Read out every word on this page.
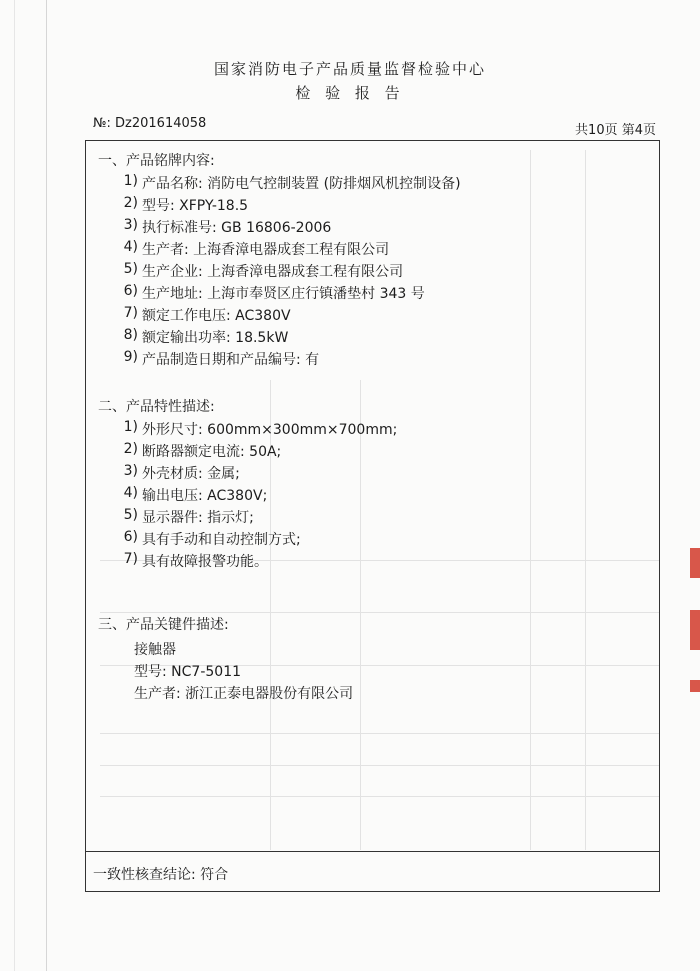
国家消防电子产品质量监督检验中心
检 验 报 告
№: Dz201614058	共10页 第4页
一、产品铭牌内容:
1) 产品名称: 消防电气控制装置 (防排烟风机控制设备)
2) 型号: XFPY-18.5
3) 执行标准号: GB 16806-2006
4) 生产者: 上海香漳电器成套工程有限公司
5) 生产企业: 上海香漳电器成套工程有限公司
6) 生产地址: 上海市奉贤区庄行镇潘垫村 343 号
7) 额定工作电压: AC380V
8) 额定输出功率: 18.5kW
9) 产品制造日期和产品编号: 有
二、产品特性描述:
1) 外形尺寸: 600mm×300mm×700mm;
2) 断路器额定电流: 50A;
3) 外壳材质: 金属;
4) 输出电压: AC380V;
5) 显示器件: 指示灯;
6) 具有手动和自动控制方式;
7) 具有故障报警功能。
三、产品关键件描述:
接触器
型号: NC7-5011
生产者: 浙江正泰电器股份有限公司
一致性核查结论: 符合
